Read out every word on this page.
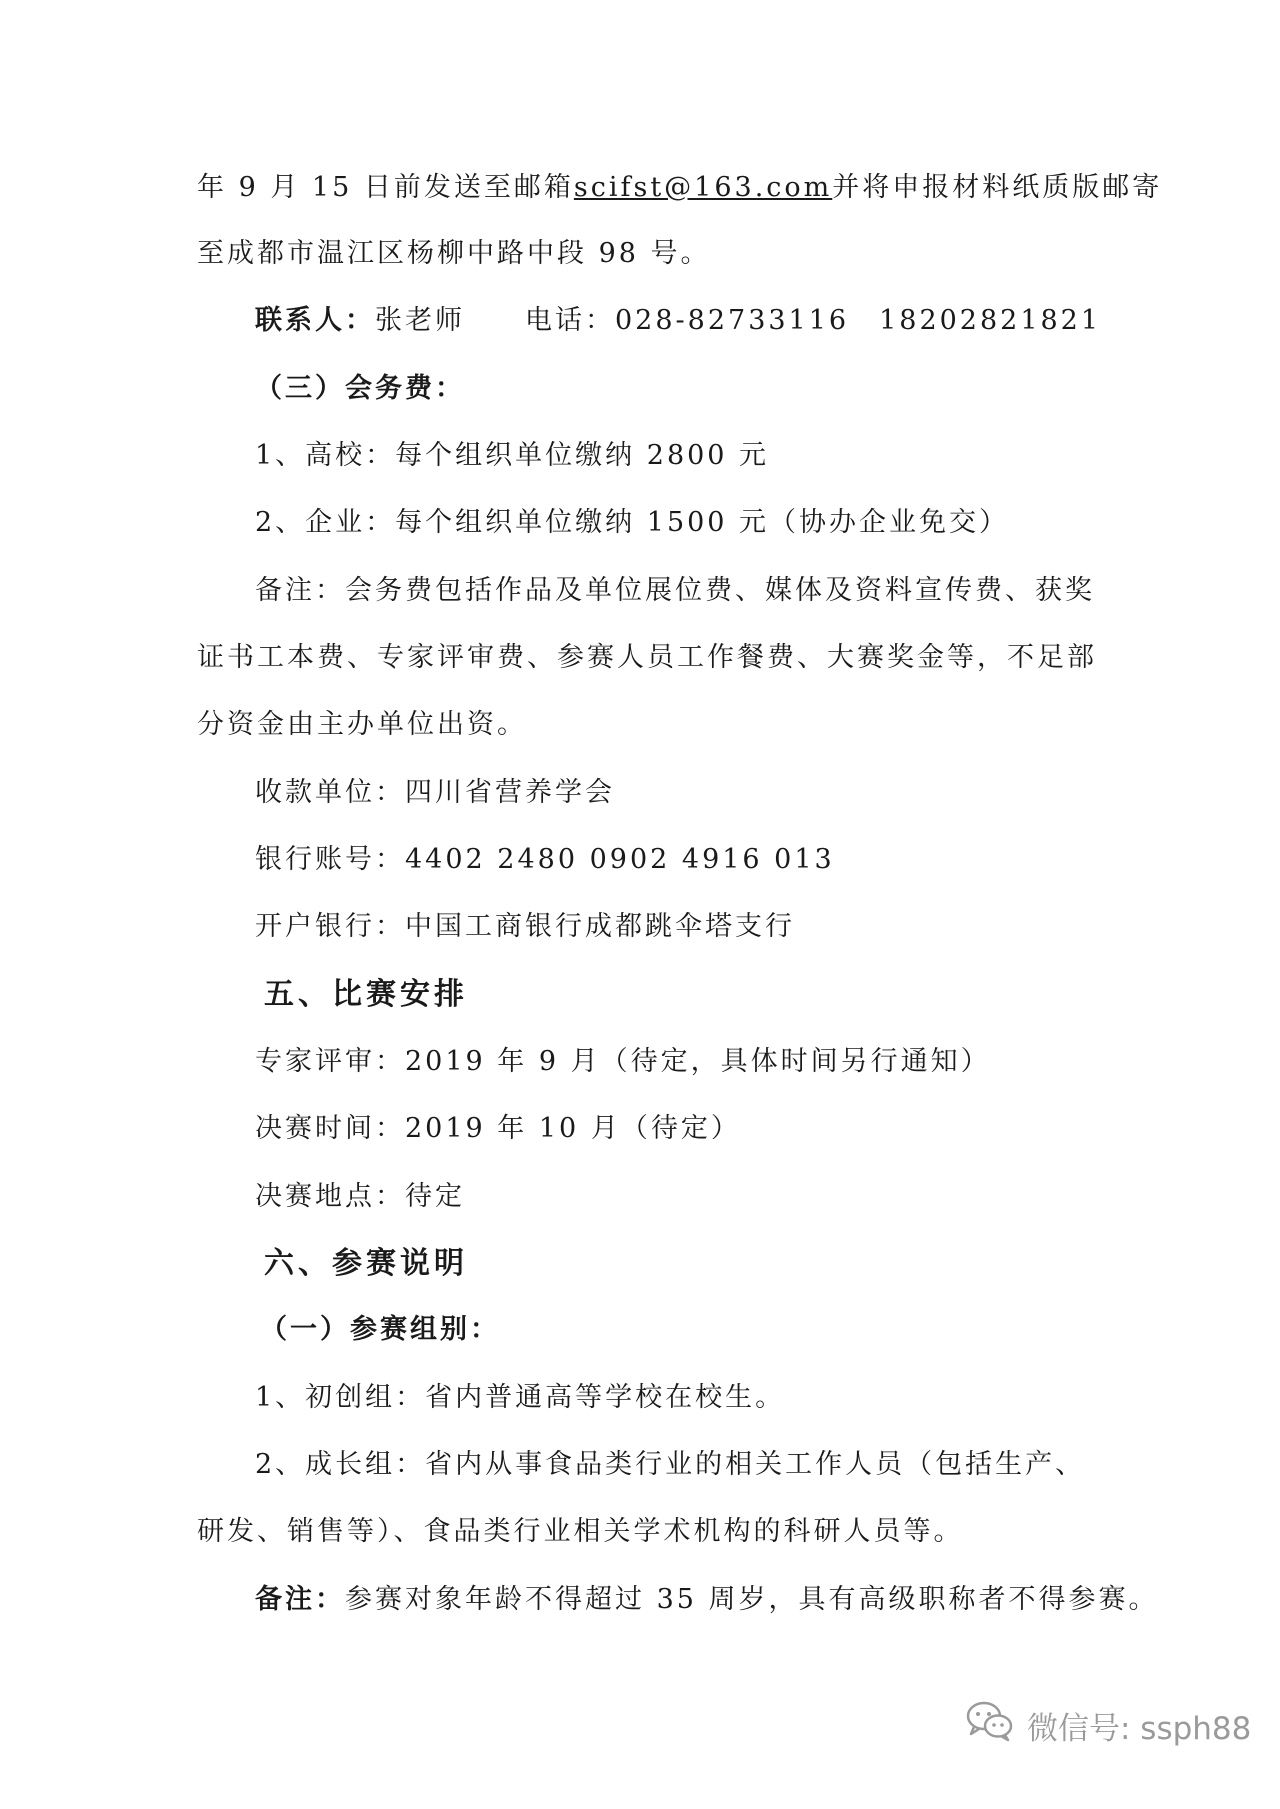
年 9 月 15 日前发送至邮箱scifst@163.com并将申报材料纸质版邮寄
至成都市温江区杨柳中路中段 98 号。
联系人：张老师　　电话：028-82733116　18202821821
（三）会务费：
1、高校：每个组织单位缴纳 2800 元
2、企业：每个组织单位缴纳 1500 元（协办企业免交）
备注：会务费包括作品及单位展位费、媒体及资料宣传费、获奖
证书工本费、专家评审费、参赛人员工作餐费、大赛奖金等，不足部
分资金由主办单位出资。
收款单位：四川省营养学会
银行账号：4402 2480 0902 4916 013
开户银行：中国工商银行成都跳伞塔支行
五、比赛安排
专家评审：2019 年 9 月（待定，具体时间另行通知）
决赛时间：2019 年 10 月（待定）
决赛地点：待定
六、参赛说明
（一）参赛组别：
1、初创组：省内普通高等学校在校生。
2、成长组：省内从事食品类行业的相关工作人员（包括生产、
研发、销售等）、食品类行业相关学术机构的科研人员等。
备注：参赛对象年龄不得超过 35 周岁，具有高级职称者不得参赛。
微信号: ssph88
